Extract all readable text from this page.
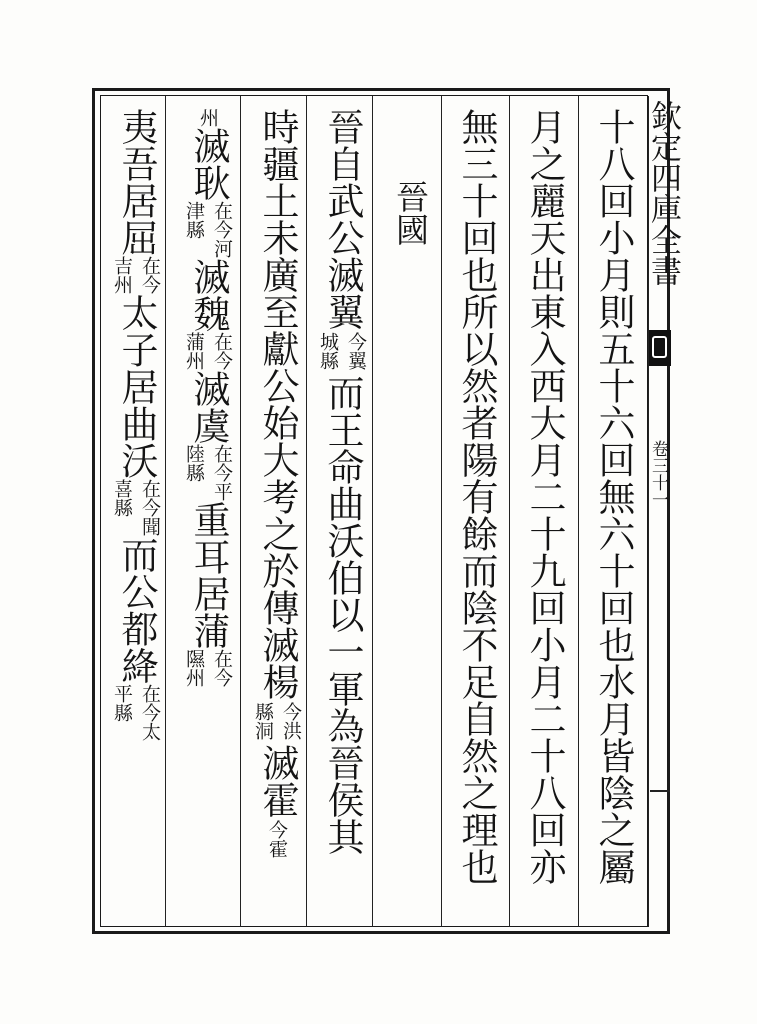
欽定四庫全書
卷三十一
十八回小月則五十六回無六十回也水月皆陰之屬
月之麗天出東入西大月二十九回小月二十八回亦
無三十回也所以然者陽有餘而陰不足自然之理也
晉國
晉自武公滅翼
今翼
城縣
而王命曲沃伯以一軍為晉侯其
時疆土未廣至獻公始大考之於傳滅楊
今洪
縣洞
滅霍
今霍
州
滅耿
在今河
津縣
滅魏
在今
蒲州
滅虞
在今平
陸縣
重耳居蒲
在今
隰州
夷吾居屈
在今
吉州
太子居曲沃
在今聞
喜縣
而公都絳
在今太
平縣
